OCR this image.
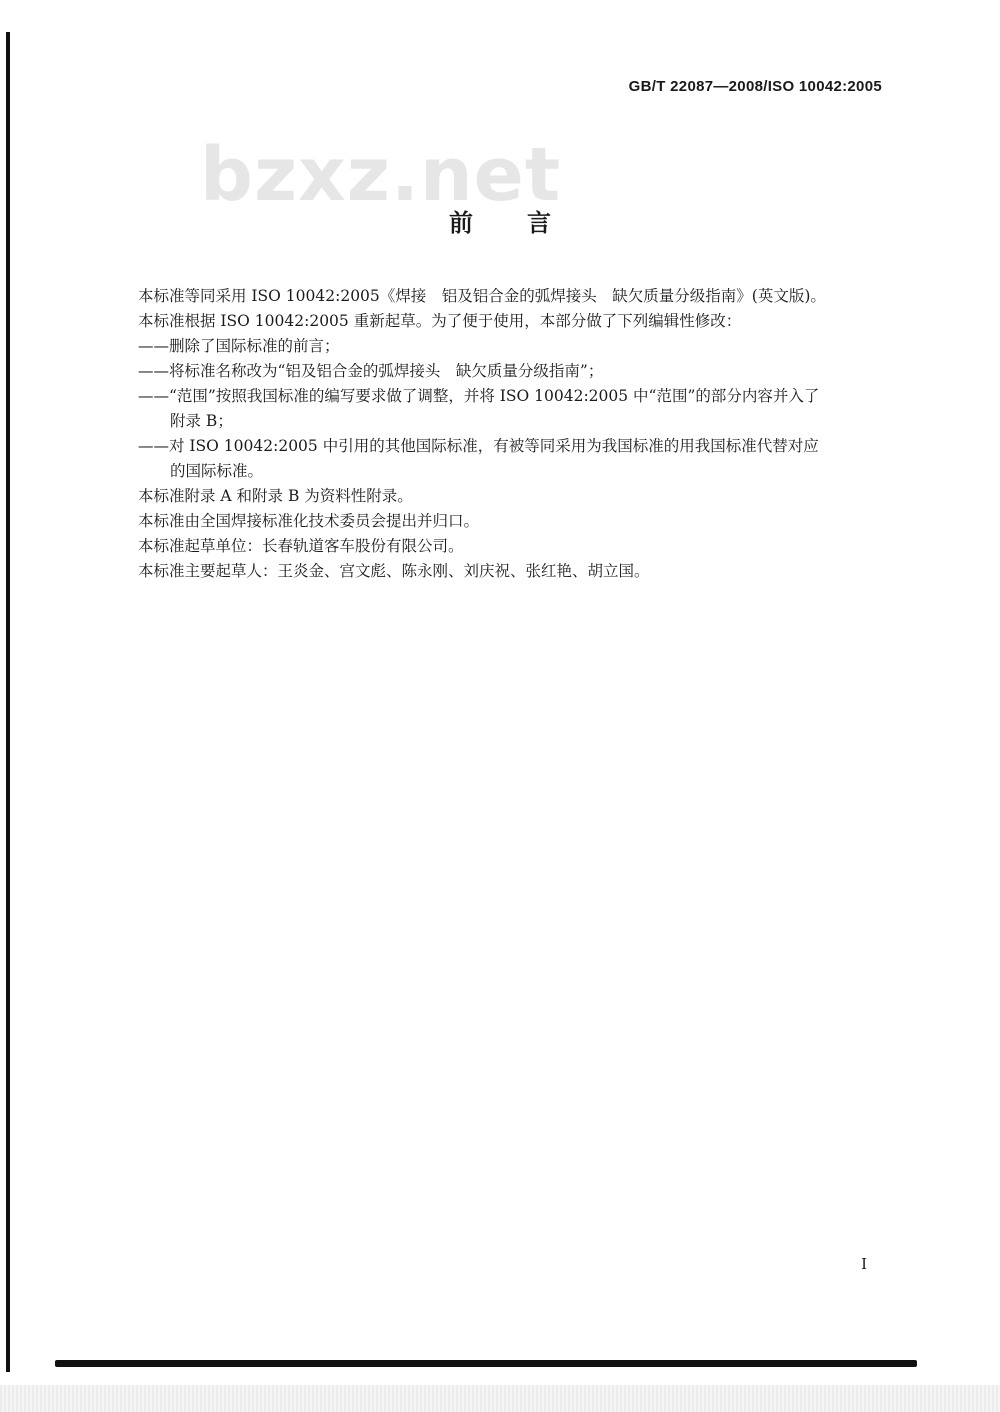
GB/T 22087—2008/ISO 10042:2005
bzxz.net
前言

本标准等同采用 ISO 10042:2005《焊接　铝及铝合金的弧焊接头　缺欠质量分级指南》(英文版)。

本标准根据 ISO 10042:2005 重新起草。为了便于使用，本部分做了下列编辑性修改：

——删除了国际标准的前言；

——将标准名称改为“铝及铝合金的弧焊接头　缺欠质量分级指南”；

——“范围”按照我国标准的编写要求做了调整，并将 ISO 10042:2005 中“范围”的部分内容并入了

附录 B；

——对 ISO 10042:2005 中引用的其他国际标准，有被等同采用为我国标准的用我国标准代替对应

的国际标准。

本标准附录 A 和附录 B 为资料性附录。

本标准由全国焊接标准化技术委员会提出并归口。

本标准起草单位：长春轨道客车股份有限公司。

本标准主要起草人：王炎金、宫文彪、陈永刚、刘庆祝、张红艳、胡立国。

I
